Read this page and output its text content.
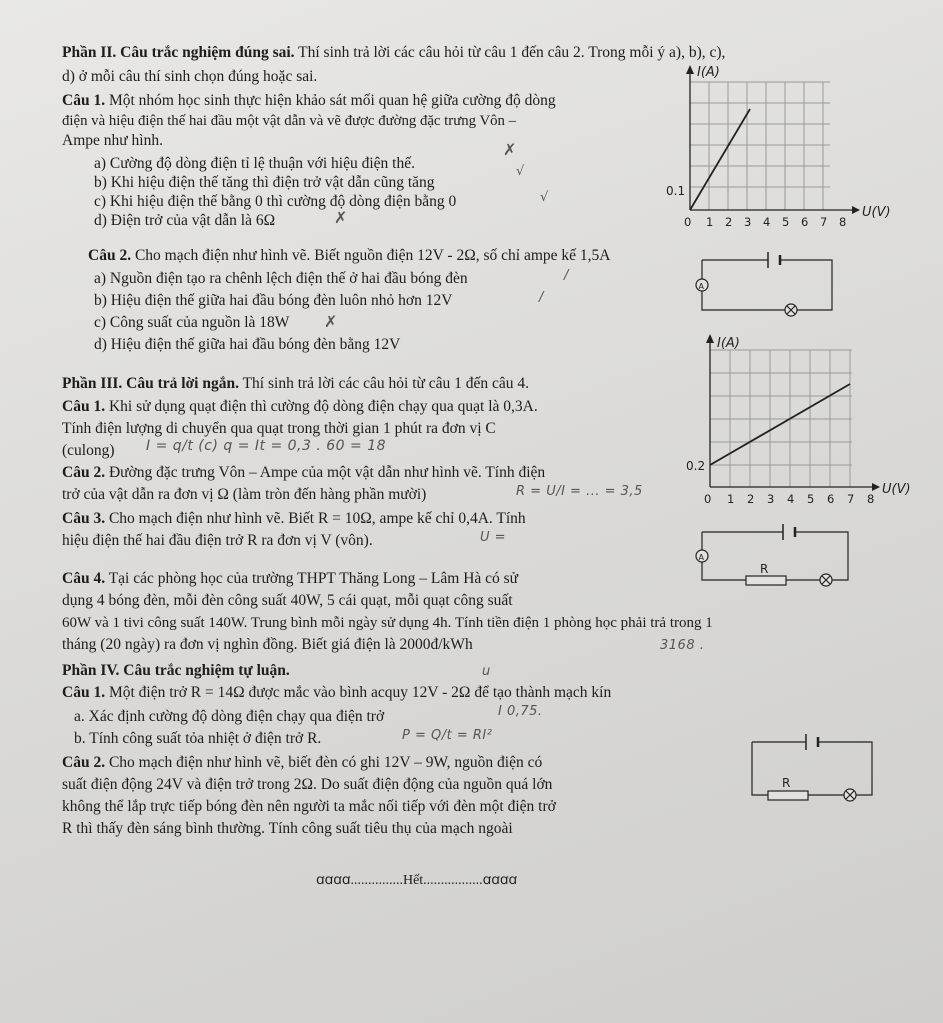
Phần II. Câu trắc nghiệm đúng sai. Thí sinh trả lời các câu hỏi từ câu 1 đến câu 2. Trong mỗi ý a), b), c),
d) ở mỗi câu thí sinh chọn đúng hoặc sai.
Câu 1. Một nhóm học sinh thực hiện khảo sát mối quan hệ giữa cường độ dòng
điện và hiệu điện thế hai đầu một vật dẫn và vẽ được đường đặc trưng Vôn –
Ampe như hình.
a) Cường độ dòng điện tỉ lệ thuận với hiệu điện thế.
b) Khi hiệu điện thế tăng thì điện trở vật dẫn cũng tăng
c) Khi hiệu điện thế bằng 0 thì cường độ dòng điện bằng 0
d) Điện trở của vật dẫn là 6Ω
✗
√
√
✗
I(A)
U(V)
0.1
0 1 2 3 4 5 6 7 8
Câu 2. Cho mạch điện như hình vẽ. Biết nguồn điện 12V - 2Ω, số chỉ ampe kế 1,5A
a) Nguồn điện tạo ra chênh lệch điện thế ở hai đầu bóng đèn
b) Hiệu điện thế giữa hai đầu bóng đèn luôn nhỏ hơn 12V
c) Công suất của nguồn là 18W
d) Hiệu điện thế giữa hai đầu bóng đèn bằng 12V
/
/
✗
A
Phần III. Câu trả lời ngắn. Thí sinh trả lời các câu hỏi từ câu 1 đến câu 4.
Câu 1. Khi sử dụng quạt điện thì cường độ dòng điện chạy qua quạt là 0,3A.
Tính điện lượng di chuyển qua quạt trong thời gian 1 phút ra đơn vị C
(culong) I = q/t (c) q = It = 0,3 . 60 = 18
Câu 2. Đường đặc trưng Vôn – Ampe của một vật dẫn như hình vẽ. Tính điện
trở của vật dẫn ra đơn vị Ω (làm tròn đến hàng phần mười)	R = U/I = ... = 3,5
I(A)
U(V)
0.2
0 1 2 3 4 5 6 7 8
Câu 3. Cho mạch điện như hình vẽ. Biết R = 10Ω, ampe kế chỉ 0,4A. Tính
hiệu điện thế hai đầu điện trở R ra đơn vị V (vôn).	U =
A
R
Câu 4. Tại các phòng học của trường THPT Thăng Long – Lâm Hà có sử
dụng 4 bóng đèn, mỗi đèn công suất 40W, 5 cái quạt, mỗi quạt công suất
60W và 1 tivi công suất 140W. Trung bình mỗi ngày sử dụng 4h. Tính tiền điện 1 phòng học phải trả trong 1
tháng (20 ngày) ra đơn vị nghìn đồng. Biết giá điện là 2000đ/kWh	3168 .
Phần IV. Câu trắc nghiệm tự luận.	u
Câu 1. Một điện trở R = 14Ω được mắc vào bình acquy 12V - 2Ω để tạo thành mạch kín
a. Xác định cường độ dòng điện chạy qua điện trở	I 0,75.
b. Tính công suất tỏa nhiệt ở điện trở R.	P = Q/t = RI²
Câu 2. Cho mạch điện như hình vẽ, biết đèn có ghi 12V – 9W, nguồn điện có
suất điện động 24V và điện trở trong 2Ω. Do suất điện động của nguồn quá lớn
không thể lắp trực tiếp bóng đèn nên người ta mắc nối tiếp với đèn một điện trở
R thì thấy đèn sáng bình thường. Tính công suất tiêu thụ của mạch ngoài
R
ꭤꭤꭤꭤ...............Hết.................ꭤꭤꭤꭤ
